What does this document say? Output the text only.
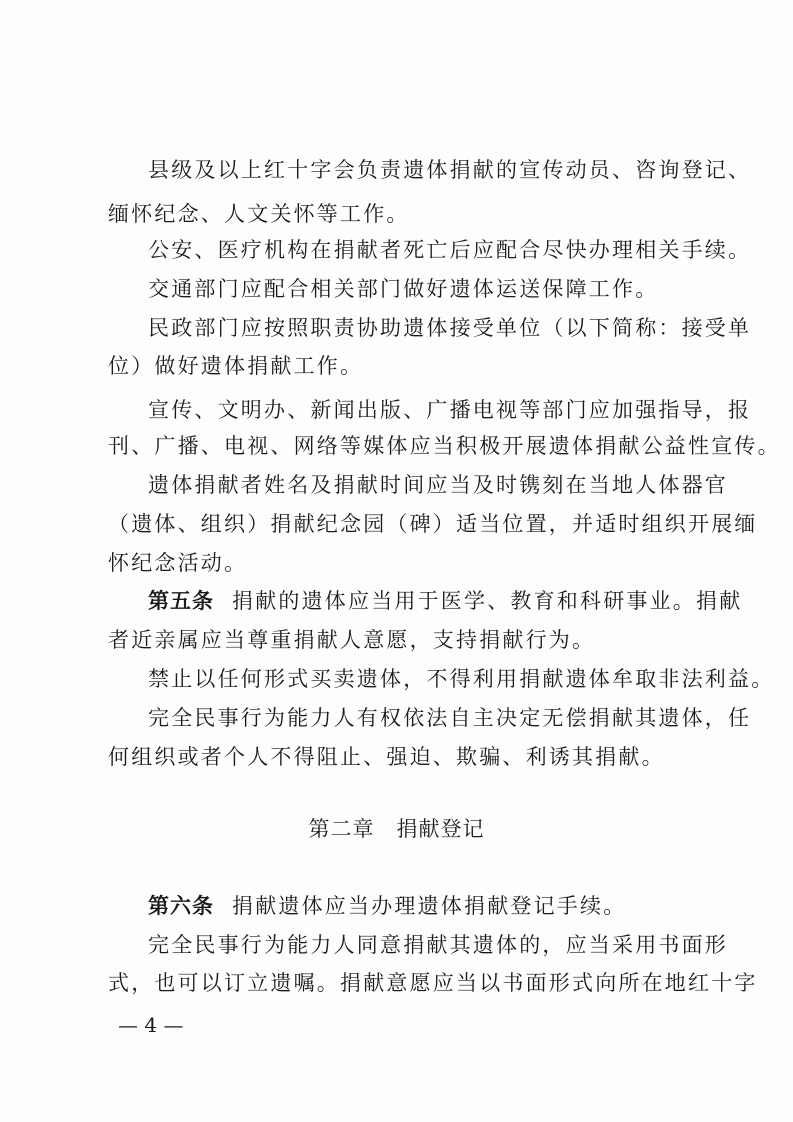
县级及以上红十字会负责遗体捐献的宣传动员、咨询登记、
缅怀纪念、人文关怀等工作。
公安、医疗机构在捐献者死亡后应配合尽快办理相关手续。
交通部门应配合相关部门做好遗体运送保障工作。
民政部门应按照职责协助遗体接受单位（以下简称：接受单
位）做好遗体捐献工作。
宣传、文明办、新闻出版、广播电视等部门应加强指导，报
刊、广播、电视、网络等媒体应当积极开展遗体捐献公益性宣传。
遗体捐献者姓名及捐献时间应当及时镌刻在当地人体器官
（遗体、组织）捐献纪念园（碑）适当位置，并适时组织开展缅
怀纪念活动。
第五条 捐献的遗体应当用于医学、教育和科研事业。捐献
者近亲属应当尊重捐献人意愿，支持捐献行为。
禁止以任何形式买卖遗体，不得利用捐献遗体牟取非法利益。
完全民事行为能力人有权依法自主决定无偿捐献其遗体，任
何组织或者个人不得阻止、强迫、欺骗、利诱其捐献。
第二章　捐献登记
第六条 捐献遗体应当办理遗体捐献登记手续。
完全民事行为能力人同意捐献其遗体的，应当采用书面形
式，也可以订立遗嘱。捐献意愿应当以书面形式向所在地红十字
— 4 —
